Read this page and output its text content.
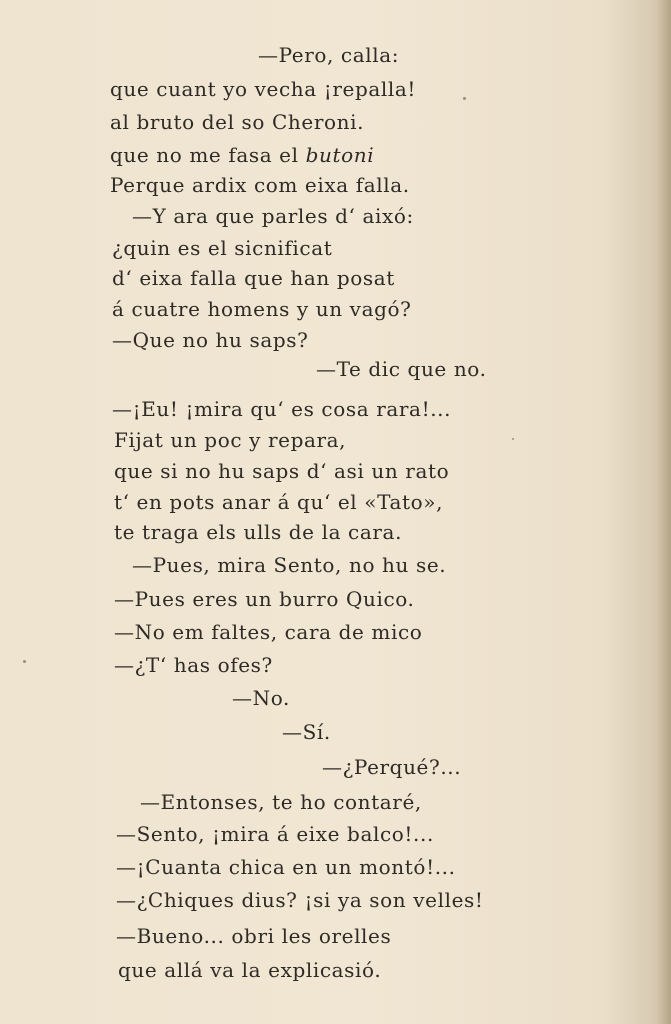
—Pero, calla:
que cuant yo vecha ¡repalla!
al bruto del so Cheroni.
que no me fasa el butoni
Perque ardix com eixa falla.
—Y ara que parles d‘ aixó:
¿quin es el sicnificat
d‘ eixa falla que han posat
á cuatre homens y un vagó?
—Que no hu saps?
—Te dic que no.
—¡Eu! ¡mira qu‘ es cosa rara!...
Fijat un poc y repara,
que si no hu saps d‘ asi un rato
t‘ en pots anar á qu‘ el «Tato»,
te traga els ulls de la cara.
—Pues, mira Sento, no hu se.
—Pues eres un burro Quico.
—No em faltes, cara de mico
—¿T‘ has ofes?
—No.
—Sí.
—¿Perqué?...
—Entonses, te ho contaré,
—Sento, ¡mira á eixe balco!...
—¡Cuanta chica en un montó!...
—¿Chiques dius? ¡si ya son velles!
—Bueno... obri les orelles
que allá va la explicasió.
